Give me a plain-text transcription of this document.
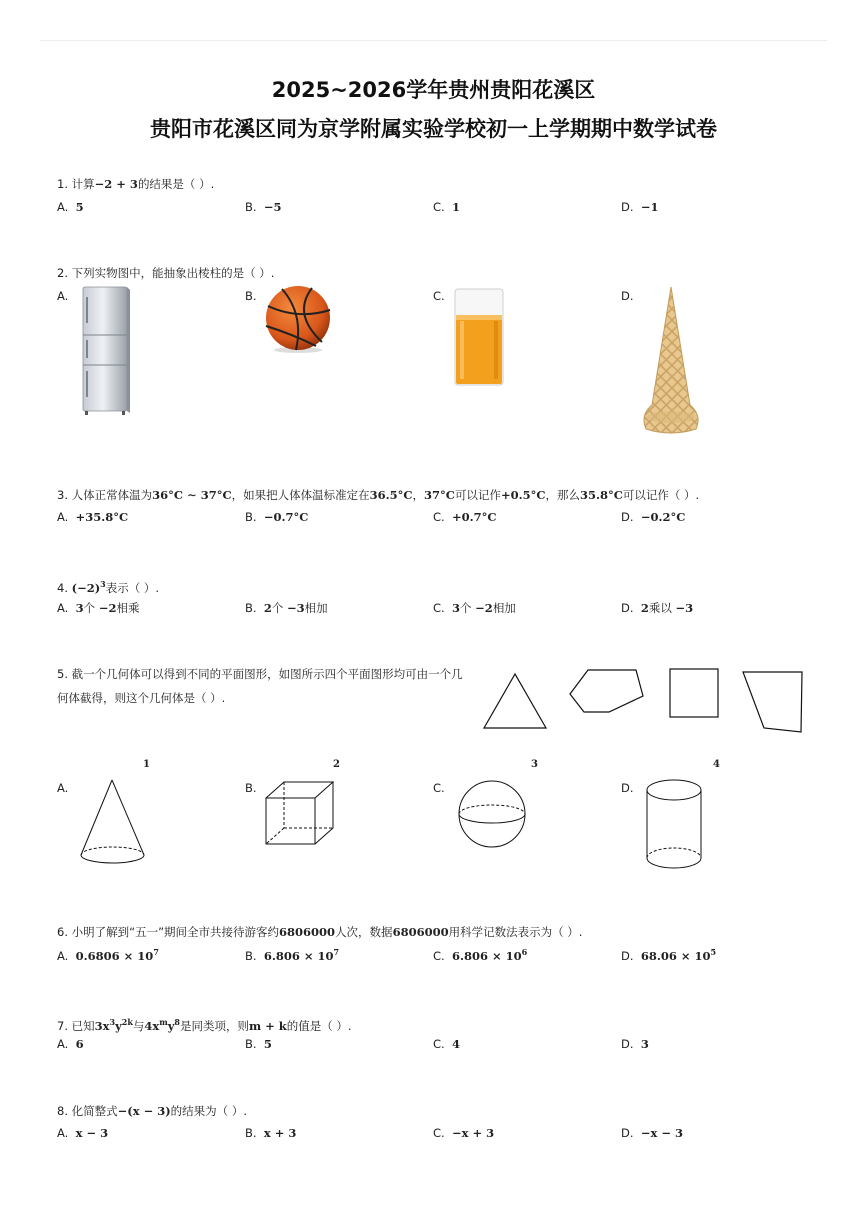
2025~2026学年贵州贵阳花溪区
贵阳市花溪区同为京学附属实验学校初一上学期期中数学试卷
1. 计算−2 + 3的结果是（ ）.
A. 5	B. −5	C. 1	D. −1
2. 下列实物图中，能抽象出棱柱的是（ ）.
A.	B.	C.	D.
3. 人体正常体温为36°C ∼ 37°C，如果把人体体温标准定在36.5°C，37°C可以记作+0.5°C，那么35.8°C可以记作（ ）.
A. +35.8°C	B. −0.7°C	C. +0.7°C	D. −0.2°C
4. $(-2)^3$表示（ ）.
A. 3个 −2相乘	B. 2个 −3相加	C. 3个 −2相加	D. 2乘以 −3
5. 截一个几何体可以得到不同的平面图形，如图所示四个平面图形均可由一个几
何体截得，则这个几何体是（ ）.
1	2	3	4
A.	B.	C.	D.
6. 小明了解到“五一”期间全市共接待游客约6806000人次，数据6806000用科学记数法表示为（ ）.
A. $0.6806 \times 10^7$	B. $6.806 \times 10^7$	C. $6.806 \times 10^6$	D. $68.06 \times 10^5$
7. 已知$3x^3y^{2k}$与$4x^my^8$是同类项，则m + k的值是（ ）.
A. 6	B. 5	C. 4	D. 3
8. 化简整式−(x − 3)的结果为（ ）.
A. x − 3	B. x + 3	C. −x + 3	D. −x − 3
